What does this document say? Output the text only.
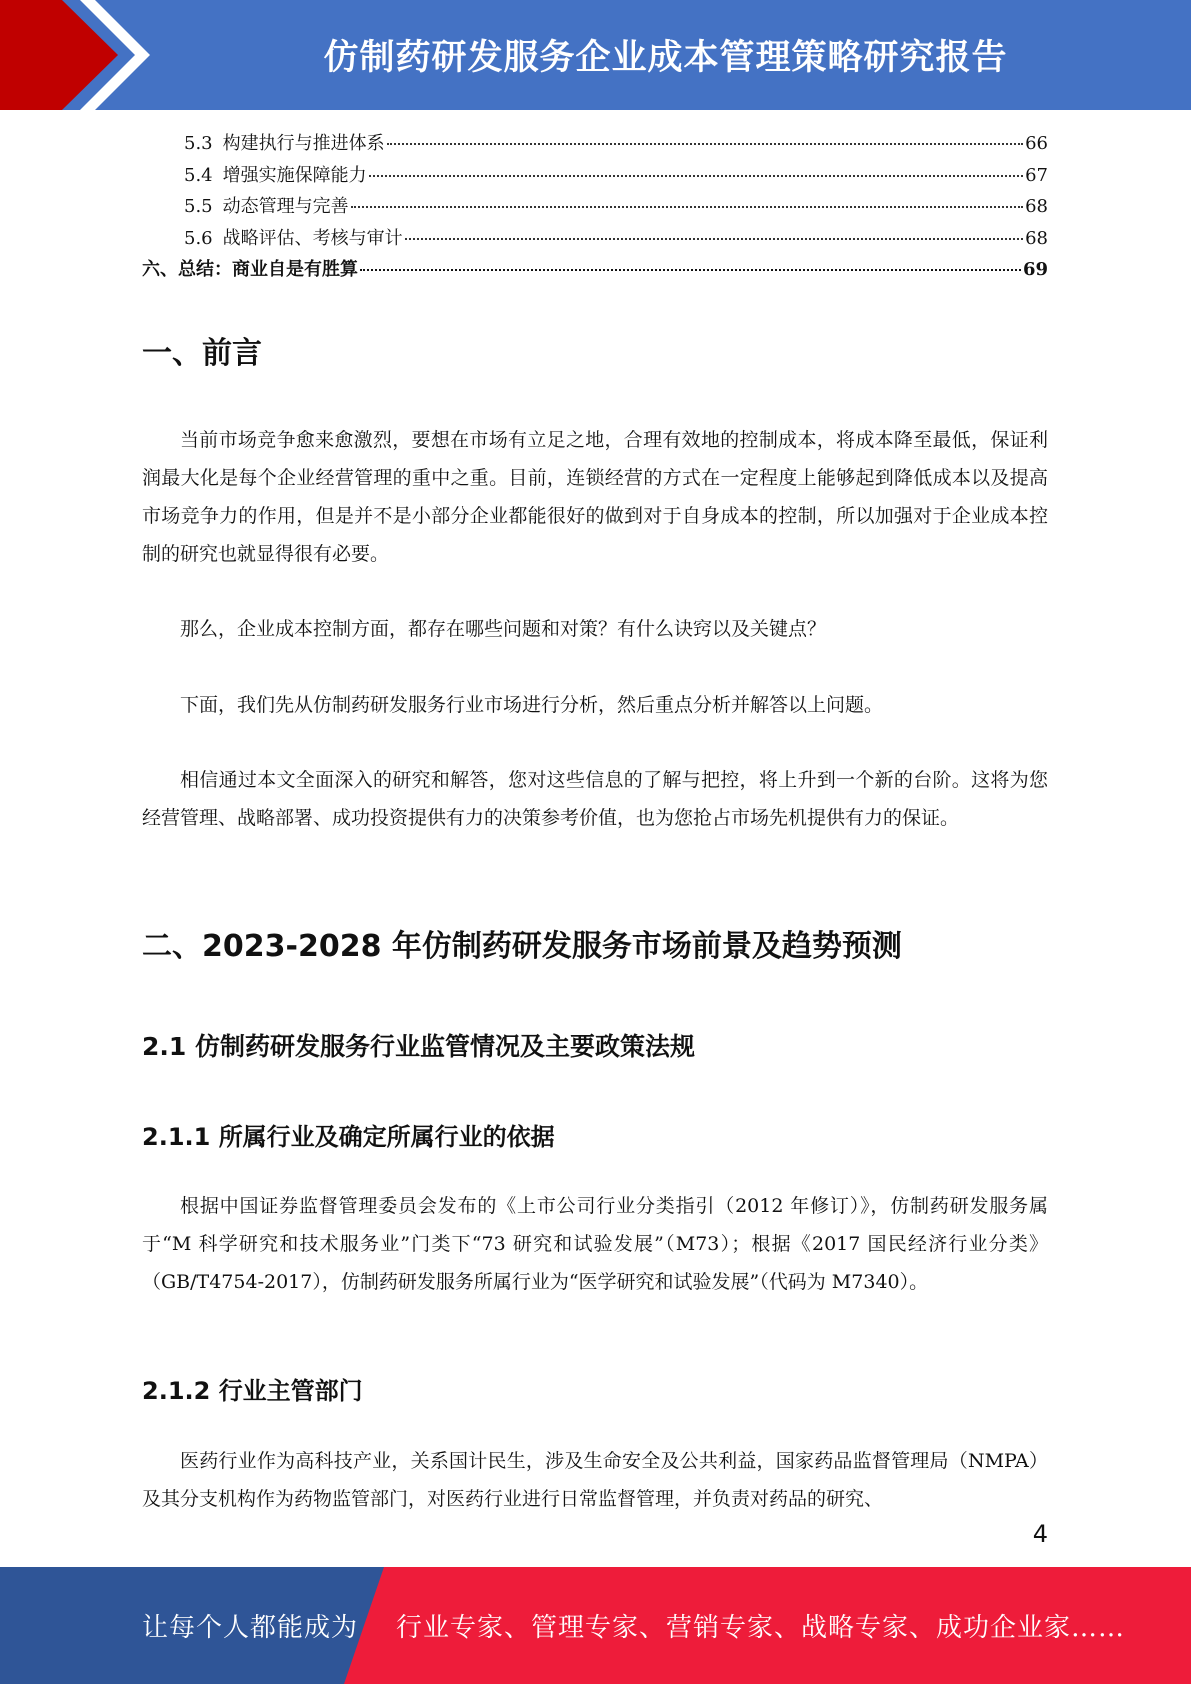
仿制药研发服务企业成本管理策略研究报告
5.3 构建执行与推进体系	66
5.4 增强实施保障能力	67
5.5 动态管理与完善	68
5.6 战略评估、考核与审计	68
六、总结：商业自是有胜算	69
一、前言

当前市场竞争愈来愈激烈，要想在市场有立足之地，合理有效地的控制成本，将成本降至最低，保证利润最大化是每个企业经营管理的重中之重。目前，连锁经营的方式在一定程度上能够起到降低成本以及提高市场竞争力的作用，但是并不是小部分企业都能很好的做到对于自身成本的控制，所以加强对于企业成本控制的研究也就显得很有必要。

那么，企业成本控制方面，都存在哪些问题和对策？有什么诀窍以及关键点？

下面，我们先从仿制药研发服务行业市场进行分析，然后重点分析并解答以上问题。

相信通过本文全面深入的研究和解答，您对这些信息的了解与把控，将上升到一个新的台阶。这将为您经营管理、战略部署、成功投资提供有力的决策参考价值，也为您抢占市场先机提供有力的保证。

二、2023-2028 年仿制药研发服务市场前景及趋势预测
2.1 仿制药研发服务行业监管情况及主要政策法规
2.1.1 所属行业及确定所属行业的依据

根据中国证券监督管理委员会发布的《上市公司行业分类指引（2012 年修订）》，仿制药研发服务属于“M 科学研究和技术服务业”门类下“73 研究和试验发展”（M73）；根据《2017 国民经济行业分类》（GB/T4754-2017），仿制药研发服务所属行业为“医学研究和试验发展”（代码为 M7340）。

2.1.2 行业主管部门

医药行业作为高科技产业，关系国计民生，涉及生命安全及公共利益，国家药品监督管理局（NMPA）及其分支机构作为药物监管部门，对医药行业进行日常监督管理，并负责对药品的研究、

4
让每个人都能成为 行业专家、管理专家、营销专家、战略专家、成功企业家……
